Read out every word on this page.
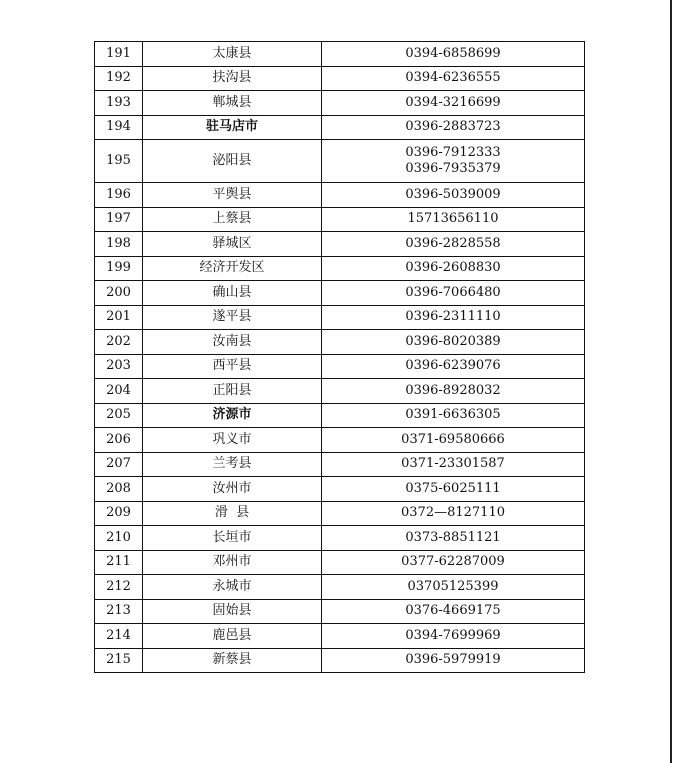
191	太康县	0394-6858699

192	扶沟县	0394-6236555

193	郸城县	0394-3216699

194	驻马店市	0396-2883723

195	泌阳县	0396-7912333
0396-7935379

196	平舆县	0396-5039009

197	上蔡县	15713656110

198	驿城区	0396-2828558

199	经济开发区	0396-2608830

200	确山县	0396-7066480

201	遂平县	0396-2311110

202	汝南县	0396-8020389

203	西平县	0396-6239076

204	正阳县	0396-8928032

205	济源市	0391-6636305

206	巩义市	0371-69580666

207	兰考县	0371-23301587

208	汝州市	0375-6025111

209	滑  县	0372—8127110

210	长垣市	0373-8851121

211	邓州市	0377-62287009

212	永城市	03705125399

213	固始县	0376-4669175

214	鹿邑县	0394-7699969

215	新蔡县	0396-5979919
